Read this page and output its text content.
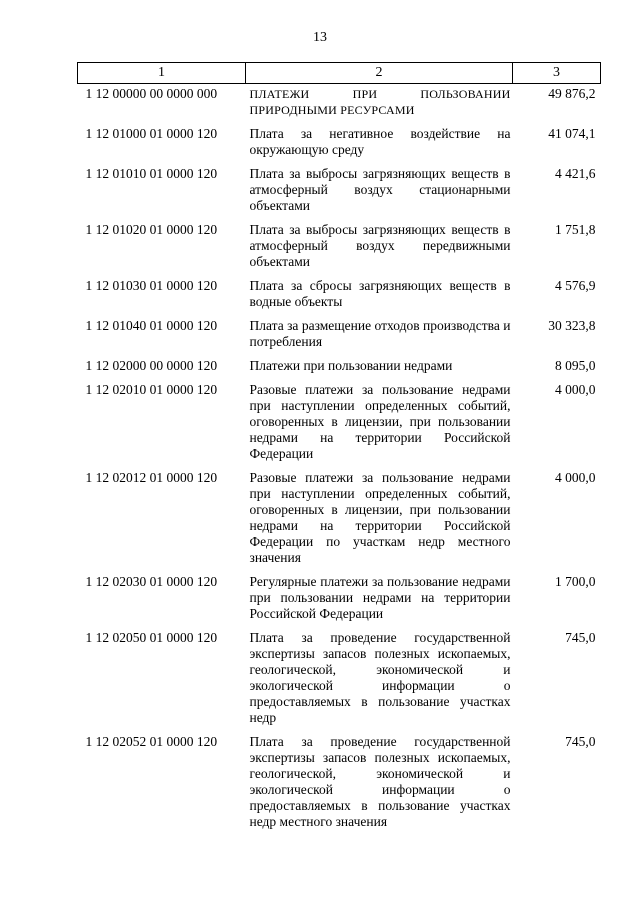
13
1	2	3
1 12 00000 00 0000 000	ПЛАТЕЖИ ПРИ ПОЛЬЗОВАНИИ ПРИРОДНЫМИ РЕСУРСАМИ	49 876,2
1 12 01000 01 0000 120	Плата за негативное воздействие на окружающую среду	41 074,1
1 12 01010 01 0000 120	Плата за выбросы загрязняющих веществ в атмосферный воздух стационарными объектами	4 421,6
1 12 01020 01 0000 120	Плата за выбросы загрязняющих веществ в атмосферный воздух передвижными объектами	1 751,8
1 12 01030 01 0000 120	Плата за сбросы загрязняющих веществ в водные объекты	4 576,9
1 12 01040 01 0000 120	Плата за размещение отходов производства и потребления	30 323,8
1 12 02000 00 0000 120	Платежи при пользовании недрами	8 095,0
1 12 02010 01 0000 120	Разовые платежи за пользование недрами при наступлении определенных событий, оговоренных в лицензии, при пользовании недрами на территории Российской Федерации	4 000,0
1 12 02012 01 0000 120	Разовые платежи за пользование недрами при наступлении определенных событий, оговоренных в лицензии, при пользовании недрами на территории Российской Федерации по участкам недр местного значения	4 000,0
1 12 02030 01 0000 120	Регулярные платежи за пользование недрами при пользовании недрами на территории Российской Федерации	1 700,0
1 12 02050 01 0000 120	Плата за проведение государственной экспертизы запасов полезных ископаемых, геологической, экономической и экологической информации о предоставляемых в пользование участках недр	745,0
1 12 02052 01 0000 120	Плата за проведение государственной экспертизы запасов полезных ископаемых, геологической, экономической и экологической информации о предоставляемых в пользование участках недр местного значения	745,0
